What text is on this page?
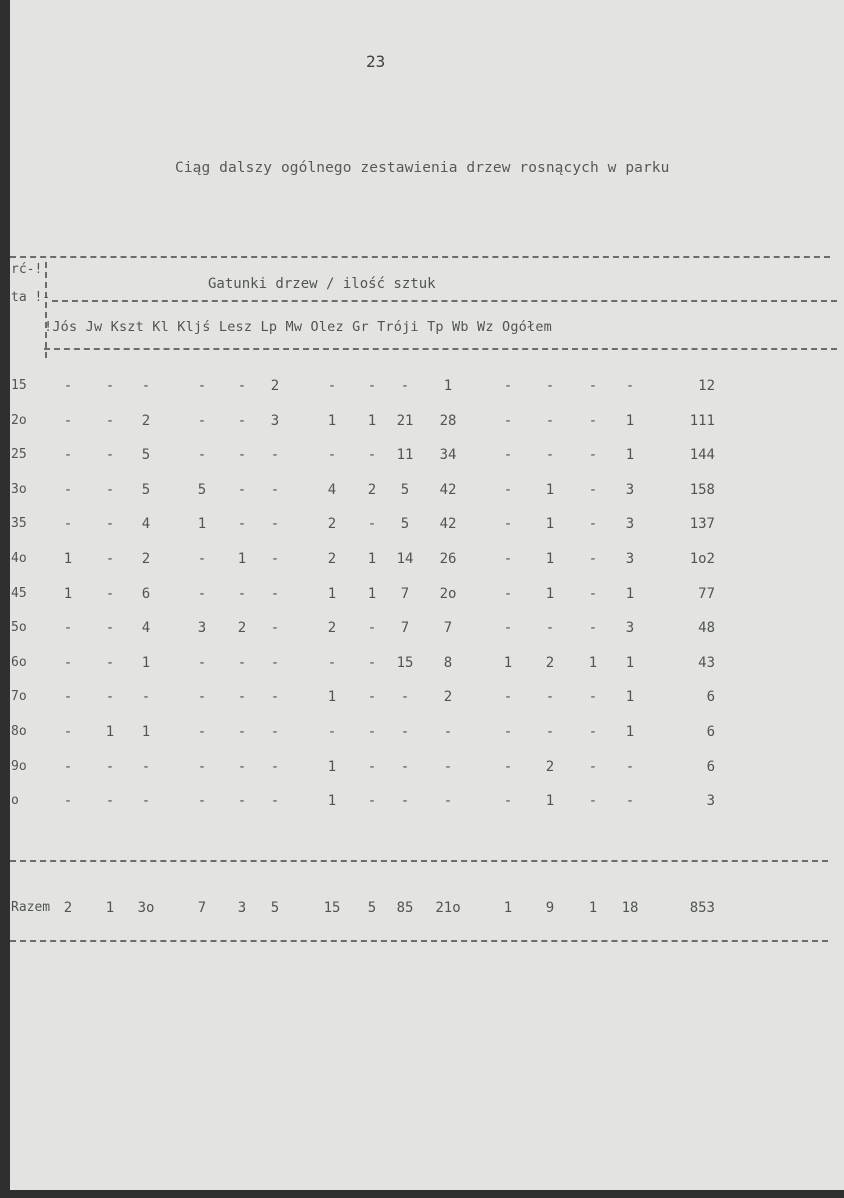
23
Ciąg dalszy ogólnego zestawienia drzew rosnących w parku
rć-!
ta !-
Gatunki drzew / ilość sztuk
!Jós Jw Kszt Kl Kljś Lesz Lp Mw Olez Gr Tróji Tp Wb Wz Ogółem
15	-	-	-	-	-	2	-	-	-	1	-	-	-	-	12
2o	-	-	2	-	-	3	1	1	21	28	-	-	-	1	111
25	-	-	5	-	-	-	-	-	11	34	-	-	-	1	144
3o	-	-	5	5	-	-	4	2	5	42	-	1	-	3	158
35	-	-	4	1	-	-	2	-	5	42	-	1	-	3	137
4o	1	-	2	-	1	-	2	1	14	26	-	1	-	3	1o2
45	1	-	6	-	-	-	1	1	7	2o	-	1	-	1	77
5o	-	-	4	3	2	-	2	-	7	7	-	-	-	3	48
6o	-	-	1	-	-	-	-	-	15	8	1	2	1	1	43
7o	-	-	-	-	-	-	1	-	-	2	-	-	-	1	6
8o	-	1	1	-	-	-	-	-	-	-	-	-	-	1	6
9o	-	-	-	-	-	-	1	-	-	-	-	2	-	-	6
o	-	-	-	-	-	-	1	-	-	-	-	1	-	-	3
Razem 2	1	3o	7	3	5	15	5	85	21o	1	9	1	18	853
